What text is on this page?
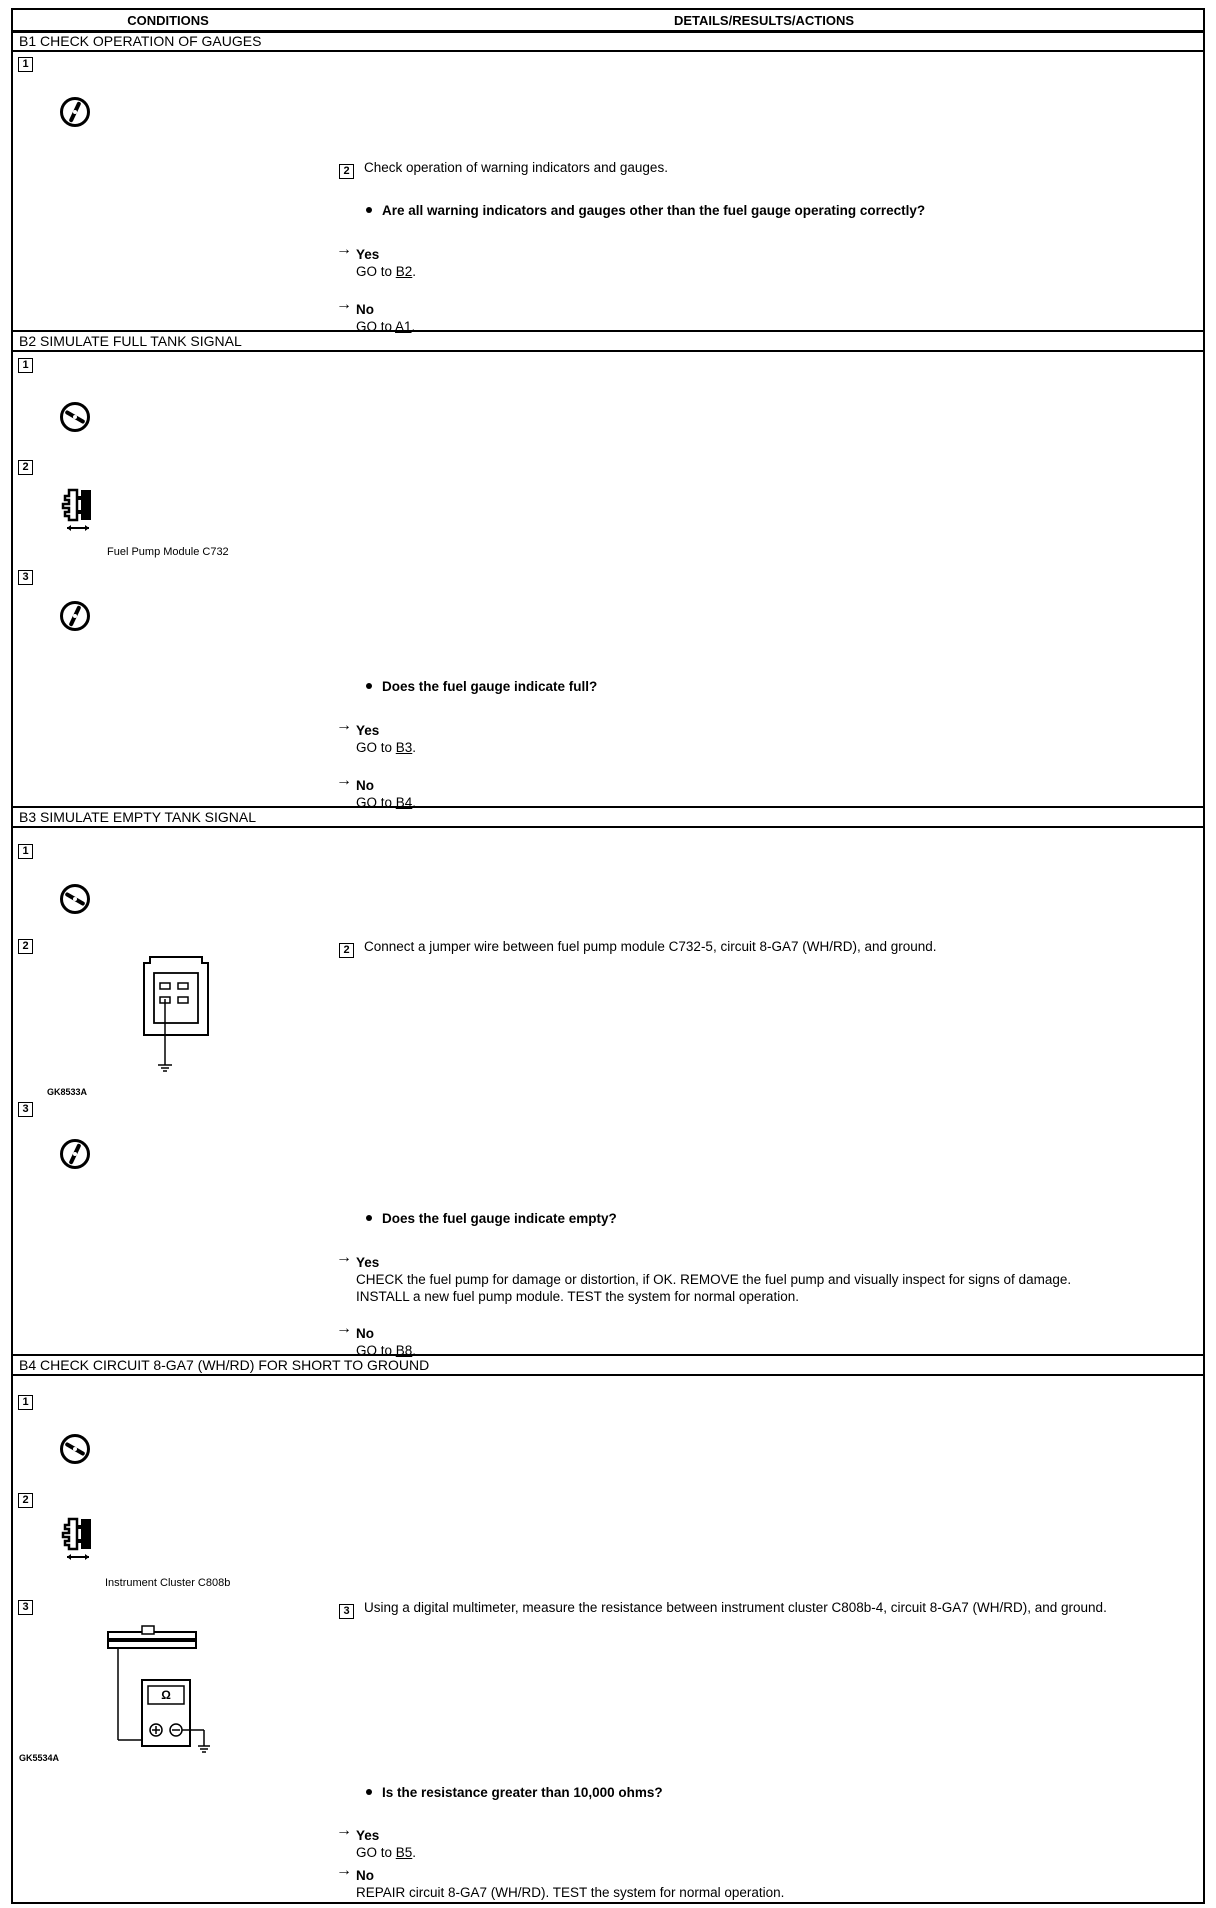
CONDITIONS	DETAILS/RESULTS/ACTIONS
B1 CHECK OPERATION OF GAUGES
1
2 Check operation of warning indicators and gauges.
Are all warning indicators and gauges other than the fuel gauge operating correctly?
→ Yes
GO to B2.
→ No
GO to A1.
B2 SIMULATE FULL TANK SIGNAL
1
2
Fuel Pump Module C732
3
Does the fuel gauge indicate full?
→ Yes
GO to B3.
→ No
GO to B4.
B3 SIMULATE EMPTY TANK SIGNAL
1
2
GK8533A
2 Connect a jumper wire between fuel pump module C732-5, circuit 8-GA7 (WH/RD), and ground.
3
Does the fuel gauge indicate empty?
→ Yes
CHECK the fuel pump for damage or distortion, if OK. REMOVE the fuel pump and visually inspect for signs of damage.
INSTALL a new fuel pump module. TEST the system for normal operation.
→ No
GO to B8.
B4 CHECK CIRCUIT 8-GA7 (WH/RD) FOR SHORT TO GROUND
1
2
Instrument Cluster C808b
3
Ω
GK5534A
3 Using a digital multimeter, measure the resistance between instrument cluster C808b-4, circuit 8-GA7 (WH/RD), and ground.
Is the resistance greater than 10,000 ohms?
→ Yes
GO to B5.
→ No
REPAIR circuit 8-GA7 (WH/RD). TEST the system for normal operation.
